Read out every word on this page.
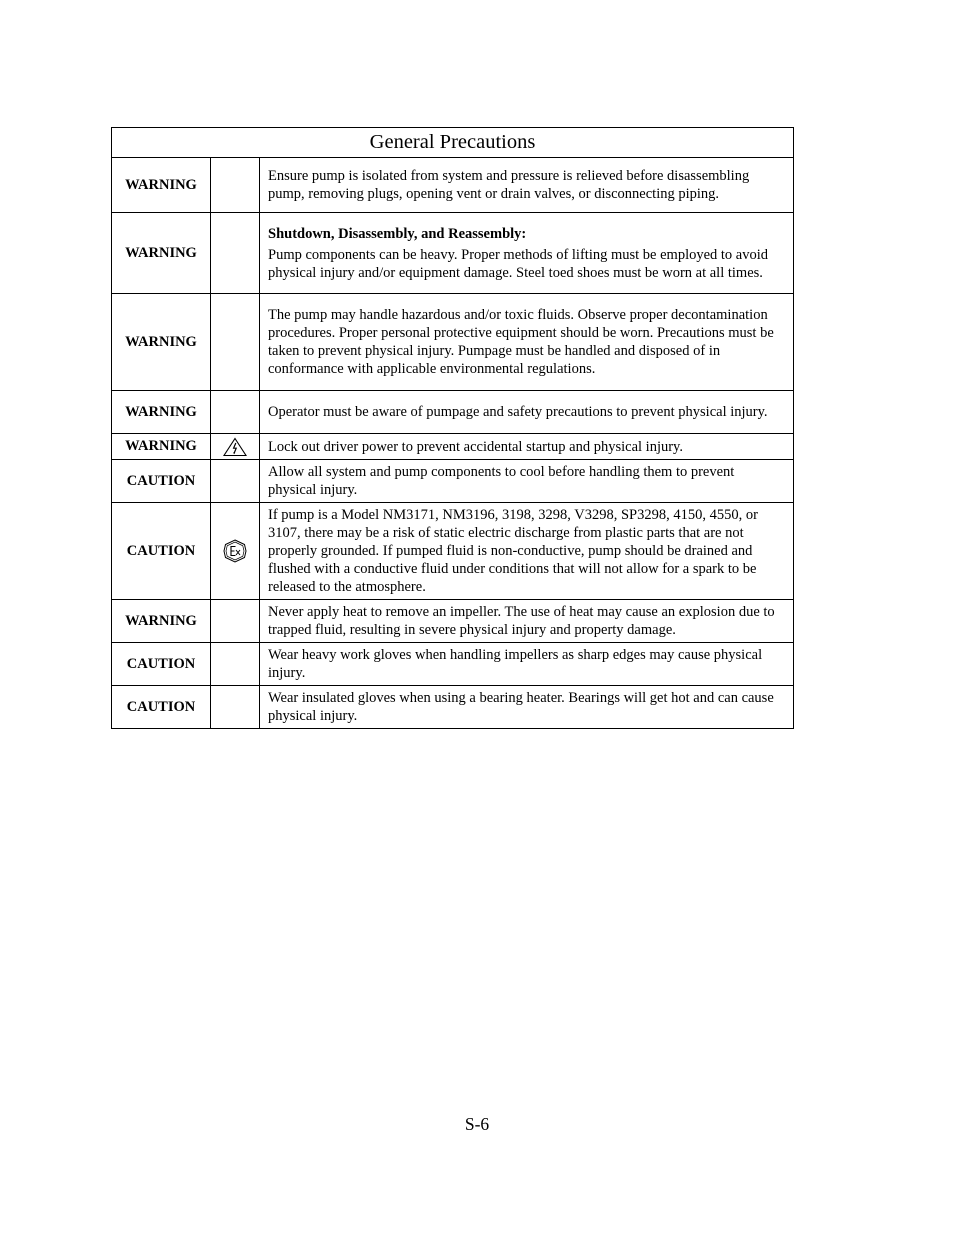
General Precautions		
WARNING		Ensure pump is isolated from system and pressure is relieved before disassembling pump, removing plugs, opening vent or drain valves, or disconnecting piping.

WARNING		Shutdown, Disassembly, and Reassembly:
Pump components can be heavy. Proper methods of lifting must be employed to avoid physical injury and/or equipment damage. Steel toed shoes must be worn at all times.

WARNING		The pump may handle hazardous and/or toxic fluids. Observe proper decontamination procedures. Proper personal protective equipment should be worn. Precautions must be taken to prevent physical injury. Pumpage must be handled and disposed of in conformance with applicable environmental regulations.

WARNING		Operator must be aware of pumpage and safety precautions to prevent physical injury.

WARNING		Lock out driver power to prevent accidental startup and physical injury.

CAUTION		Allow all system and pump components to cool before handling them to prevent physical injury.

CAUTION		If pump is a Model NM3171, NM3196, 3198, 3298, V3298, SP3298, 4150, 4550, or 3107, there may be a risk of static electric discharge from plastic parts that are not properly grounded. If pumped fluid is non-conductive, pump should be drained and flushed with a conductive fluid under conditions that will not allow for a spark to be released to the atmosphere.

WARNING		Never apply heat to remove an impeller. The use of heat may cause an explosion due to trapped fluid, resulting in severe physical injury and property damage.

CAUTION		Wear heavy work gloves when handling impellers as sharp edges may cause physical injury.

CAUTION		Wear insulated gloves when using a bearing heater. Bearings will get hot and can cause physical injury.
S-6
